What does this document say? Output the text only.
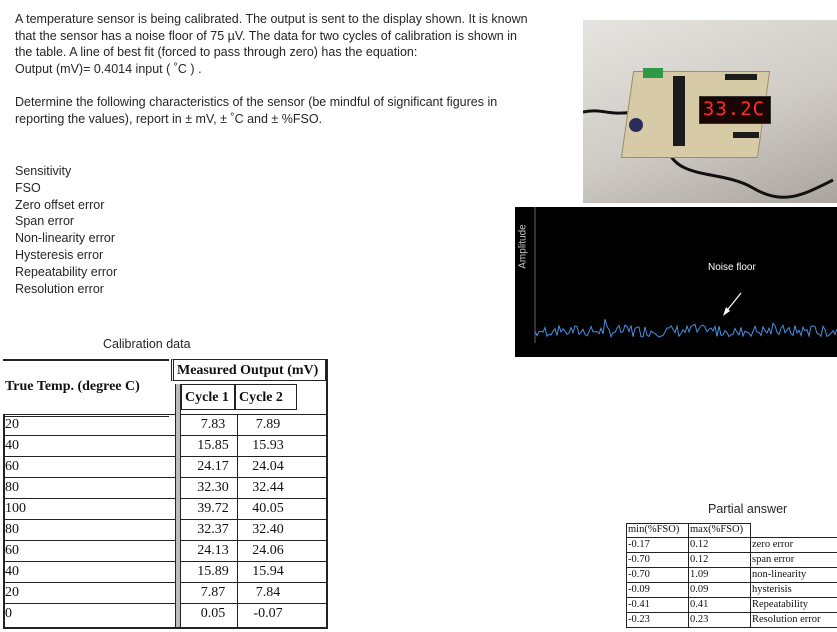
A temperature sensor is being calibrated. The output is sent to the display shown. It is known
that the sensor has a noise floor of 75 µV. The data for two cycles of calibration is shown in
the table. A line of best fit (forced to pass through zero) has the equation:
Output (mV)= 0.4014 input ( ˚C ) .
Determine the following characteristics of the sensor (be mindful of significant figures in
reporting the values), report in ± mV, ± ˚C and ± %FSO.
Sensitivity
FSO
Zero offset error
Span error
Non-linearity error
Hysteresis error
Repeatability error
Resolution error
Calibration data
True Temp. (degree C)
Measured Output (mV)
Cycle 1 Cycle 2
20	7.83	7.89
40	15.85	15.93
60	24.17	24.04
80	32.30	32.44
100	39.72	40.05
80	32.37	32.40
60	24.13	24.06
40	15.89	15.94
20	7.87	7.84
0	0.05	-0.07
33.2C
Amplitude	Noise floor
Partial answer
min(%FSO)	max(%FSO)
-0.17	0.12	zero error
-0.70	0.12	span error
-0.70	1.09	non-linearity
-0.09	0.09	hysterisis
-0.41	0.41	Repeatability
-0.23	0.23	Resolution error
